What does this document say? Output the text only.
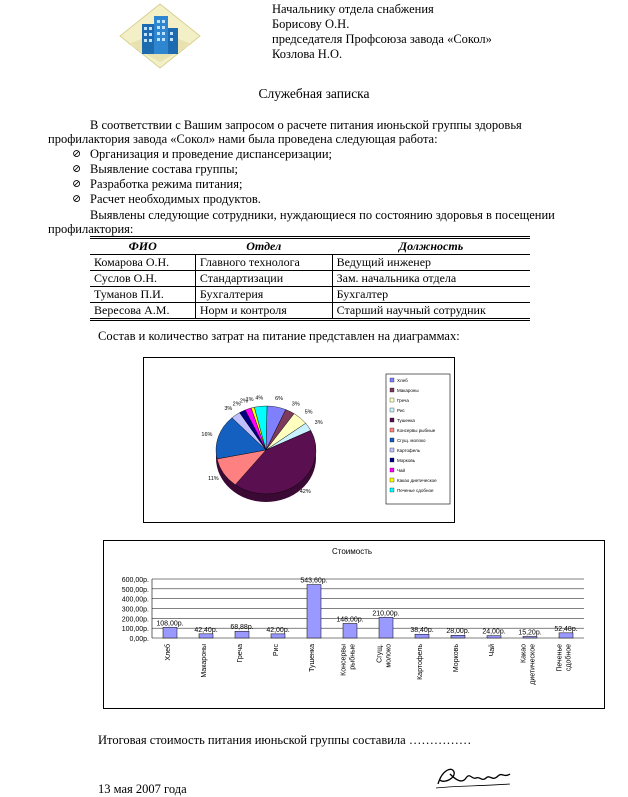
Начальнику отдела снабжения
Борисову О.Н.
председателя Профсоюза завода «Сокол»
Козлова Н.О.
Служебная записка
В соответствии с Вашим запросом о расчете питания июньской группы здоровья профилактория завода «Сокол» нами была проведена следующая работа:
⊘ Организация и проведение диспансеризации;
⊘ Выявление состава группы;
⊘ Разработка режима питания;
⊘ Расчет необходимых продуктов.
Выявлены следующие сотрудники, нуждающиеся по состоянию здоровья в посещении профилактория:
ФИО	Отдел	Должность
Комарова О.Н.	Главного технолога	Ведущий инженер
Суслов О.Н.	Стандартизации	Зам. начальника отдела
Туманов П.И.	Бухгалтерия	Бухгалтер
Вересова А.М.	Норм и контроля	Старший научный сотрудник
Состав и количество затрат на питание представлен на диаграммах:
6%
3%
5%
3%
42%
11%
16%
3%
2% 2%
1% 4%
Хлеб
Макароны
Греча
Рис
Тушенка
Консервы рыбные
Сгущ. молоко
Картофель
Морковь
Чай
Какао диетическое
Печенье сдобное
Стоимость
0,00р.
100,00р.
200,00р.
300,00р.
400,00р.
500,00р.
600,00р.
108,00р.
Хлеб
42,40р.
Макароны
68,88р.
Греча
42,00р.
Рис
543,60р.
Тушенка
148,00р.
Консервы рыбные
210,00р.
Сгущ. молоко
38,40р.
Картофель
28,00р.
Морковь
24,00р.
Чай
15,20р.
Какао диетическое
52,48р.
Печенье сдобное
Итоговая стоимость питания июньской группы составила ……………
13 мая 2007 года
